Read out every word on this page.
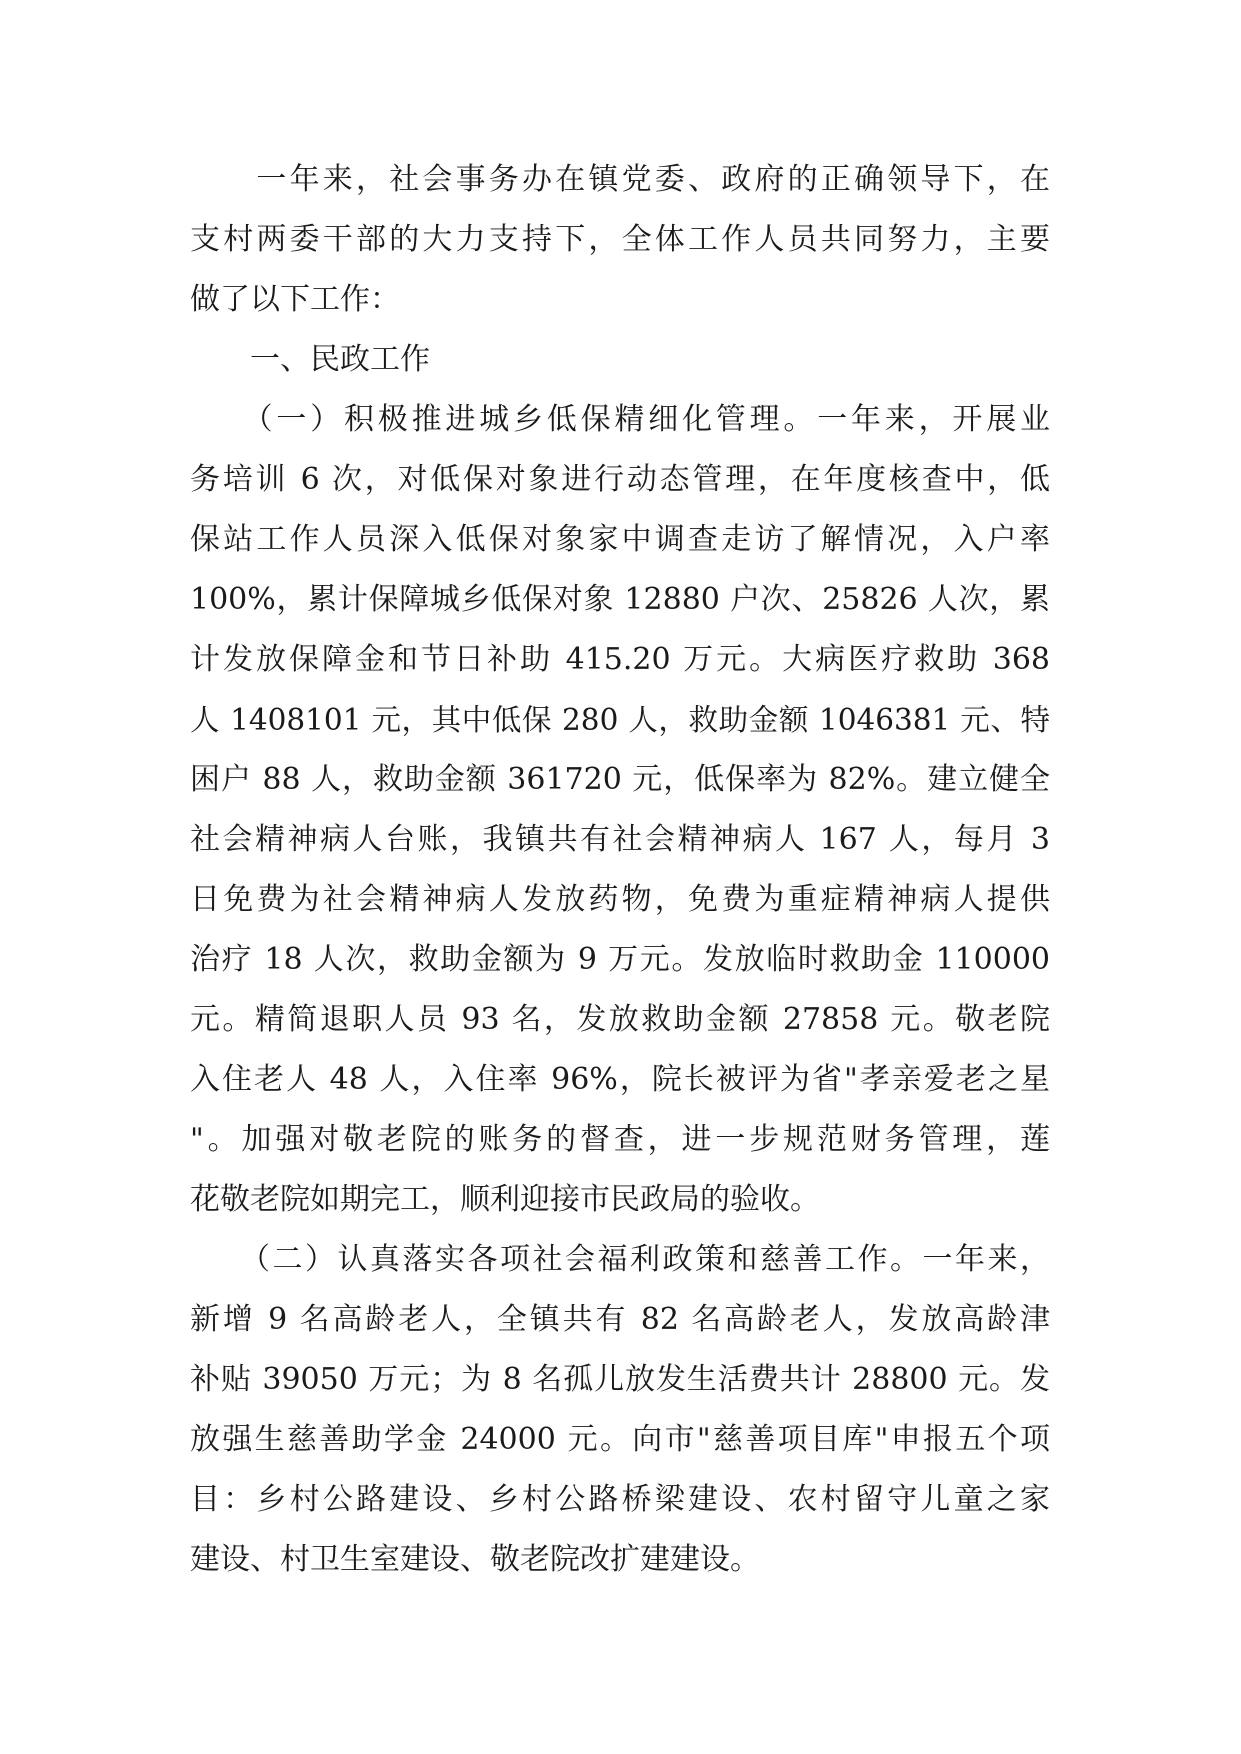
　　一年来，社会事务办在镇党委、政府的正确领导下，在
支村两委干部的大力支持下，全体工作人员共同努力，主要
做了以下工作：
　　一、民政工作
　　（一）积极推进城乡低保精细化管理。一年来，开展业
务培训 6 次，对低保对象进行动态管理，在年度核查中，低
保站工作人员深入低保对象家中调查走访了解情况，入户率
100%，累计保障城乡低保对象 12880 户次、25826 人次，累
计发放保障金和节日补助 415.20 万元。大病医疗救助 368
人 1408101 元，其中低保 280 人，救助金额 1046381 元、特
困户 88 人，救助金额 361720 元，低保率为 82%。建立健全
社会精神病人台账，我镇共有社会精神病人 167 人，每月 3
日免费为社会精神病人发放药物，免费为重症精神病人提供
治疗 18 人次，救助金额为 9 万元。发放临时救助金 110000
元。精简退职人员 93 名，发放救助金额 27858 元。敬老院
入住老人 48 人，入住率 96%，院长被评为省"孝亲爱老之星
"。加强对敬老院的账务的督查，进一步规范财务管理，莲
花敬老院如期完工，顺利迎接市民政局的验收。
　　（二）认真落实各项社会福利政策和慈善工作。一年来，
新增 9 名高龄老人，全镇共有 82 名高龄老人，发放高龄津
补贴 39050 万元；为 8 名孤儿放发生活费共计 28800 元。发
放强生慈善助学金 24000 元。向市"慈善项目库"申报五个项
目：乡村公路建设、乡村公路桥梁建设、农村留守儿童之家
建设、村卫生室建设、敬老院改扩建建设。
